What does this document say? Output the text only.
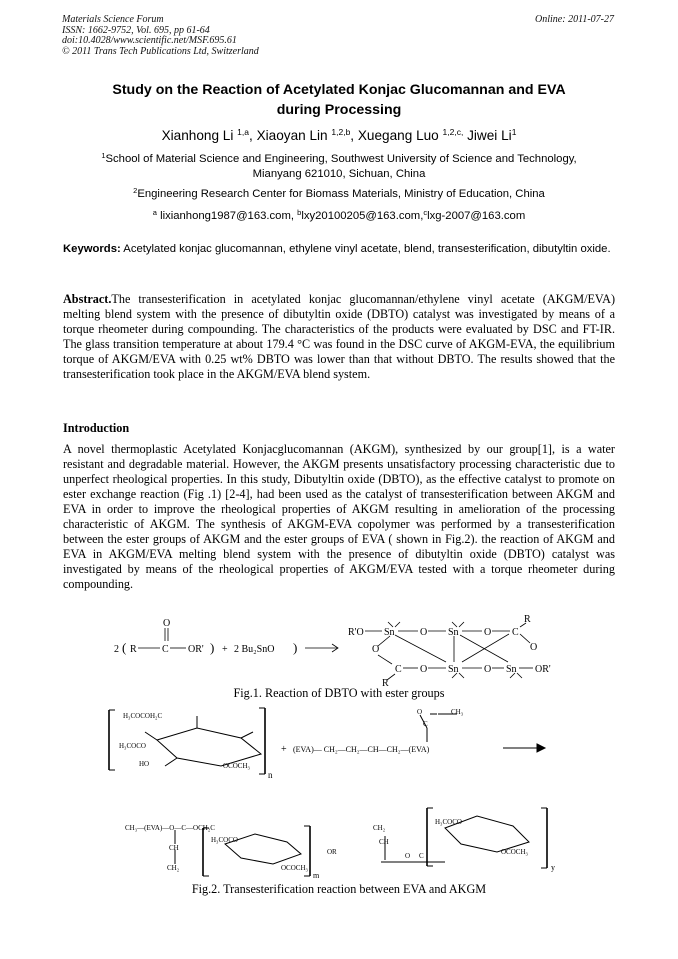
Materials Science Forum
ISSN: 1662-9752, Vol. 695, pp 61-64
doi:10.4028/www.scientific.net/MSF.695.61
© 2011 Trans Tech Publications Ltd, Switzerland
Online: 2011-07-27
Study on the Reaction of Acetylated Konjac Glucomannan and EVA
during Processing
Xianhong Li $^{1,a}$, Xiaoyan Lin $^{1,2,b}$, Xuegang Luo $^{1,2,c,}$ Jiwei Li$^1$
$^1$School of Material Science and Engineering, Southwest University of Science and Technology,
Mianyang 621010, Sichuan, China
$^2$Engineering Research Center for Biomass Materials, Ministry of Education, China
$^a$ lixianhong1987@163.com, $^b$lxy20100205@163.com,$^c$lxg-2007@163.com
Keywords: Acetylated konjac glucomannan, ethylene vinyl acetate, blend, transesterification, dibutyltin oxide.
Abstract.The transesterification in acetylated konjac glucomannan/ethylene vinyl acetate (AKGM/EVA) melting blend system with the presence of dibutyltin oxide (DBTO) catalyst was investigated by means of a torque rheometer during compounding. The characteristics of the products were evaluated by DSC and FT-IR. The glass transition temperature at about 179.4 °C was found in the DSC curve of AKGM-EVA, the equilibrium torque of AKGM/EVA with 0.25 wt% DBTO was lower than that without DBTO. The results showed that the transesterification took place in the AKGM/EVA blend system.
Introduction
A novel thermoplastic Acetylated Konjacglucomannan (AKGM), synthesized by our group[1], is a water resistant and degradable material. However, the AKGM presents unsatisfactory processing characteristic due to unperfect rheological properties. In this study, Dibutyltin oxide (DBTO), as the effective catalyst to promote on ester exchange reaction (Fig .1) [2-4], had been used as the catalyst of transesterification between AKGM and EVA in order to improve the rheological properties of AKGM resulting in amelioration of the processing characteristic of AKGM. The synthesis of AKGM-EVA copolymer was performed by a transesterification between the ester groups of AKGM and the ester groups of EVA ( shown in Fig.2). the reaction of AKGM and EVA in AKGM/EVA melting blend system with the presence of dibutyltin oxide (DBTO) catalyst was investigated by means of the rheological properties of AKGM/EVA tested with a torque rheometer during compounding.
2 ( R	C
O
OR' ) + 2 Bu₂SnO )
R'O Sn	O Sn	O C
R
O
O
C O Sn	O Sn OR'
R
Fig.1. Reaction of DBTO with ester groups
H₃COCOH₂C
H₃COCO
HO	OCOCH₃
n
+ (EVA)— CH₂—CH₂—CH—CH₂—(EVA)
O
C
CH₃
CH₃—(EVA)—O—C—OCH₂C
CH
CH₂
H₃COCO
OCOCH₃
m
OR
CH₂
CH
O C
H₃COCO
OCOCH₃
y
Fig.2. Transesterification reaction between EVA and AKGM
